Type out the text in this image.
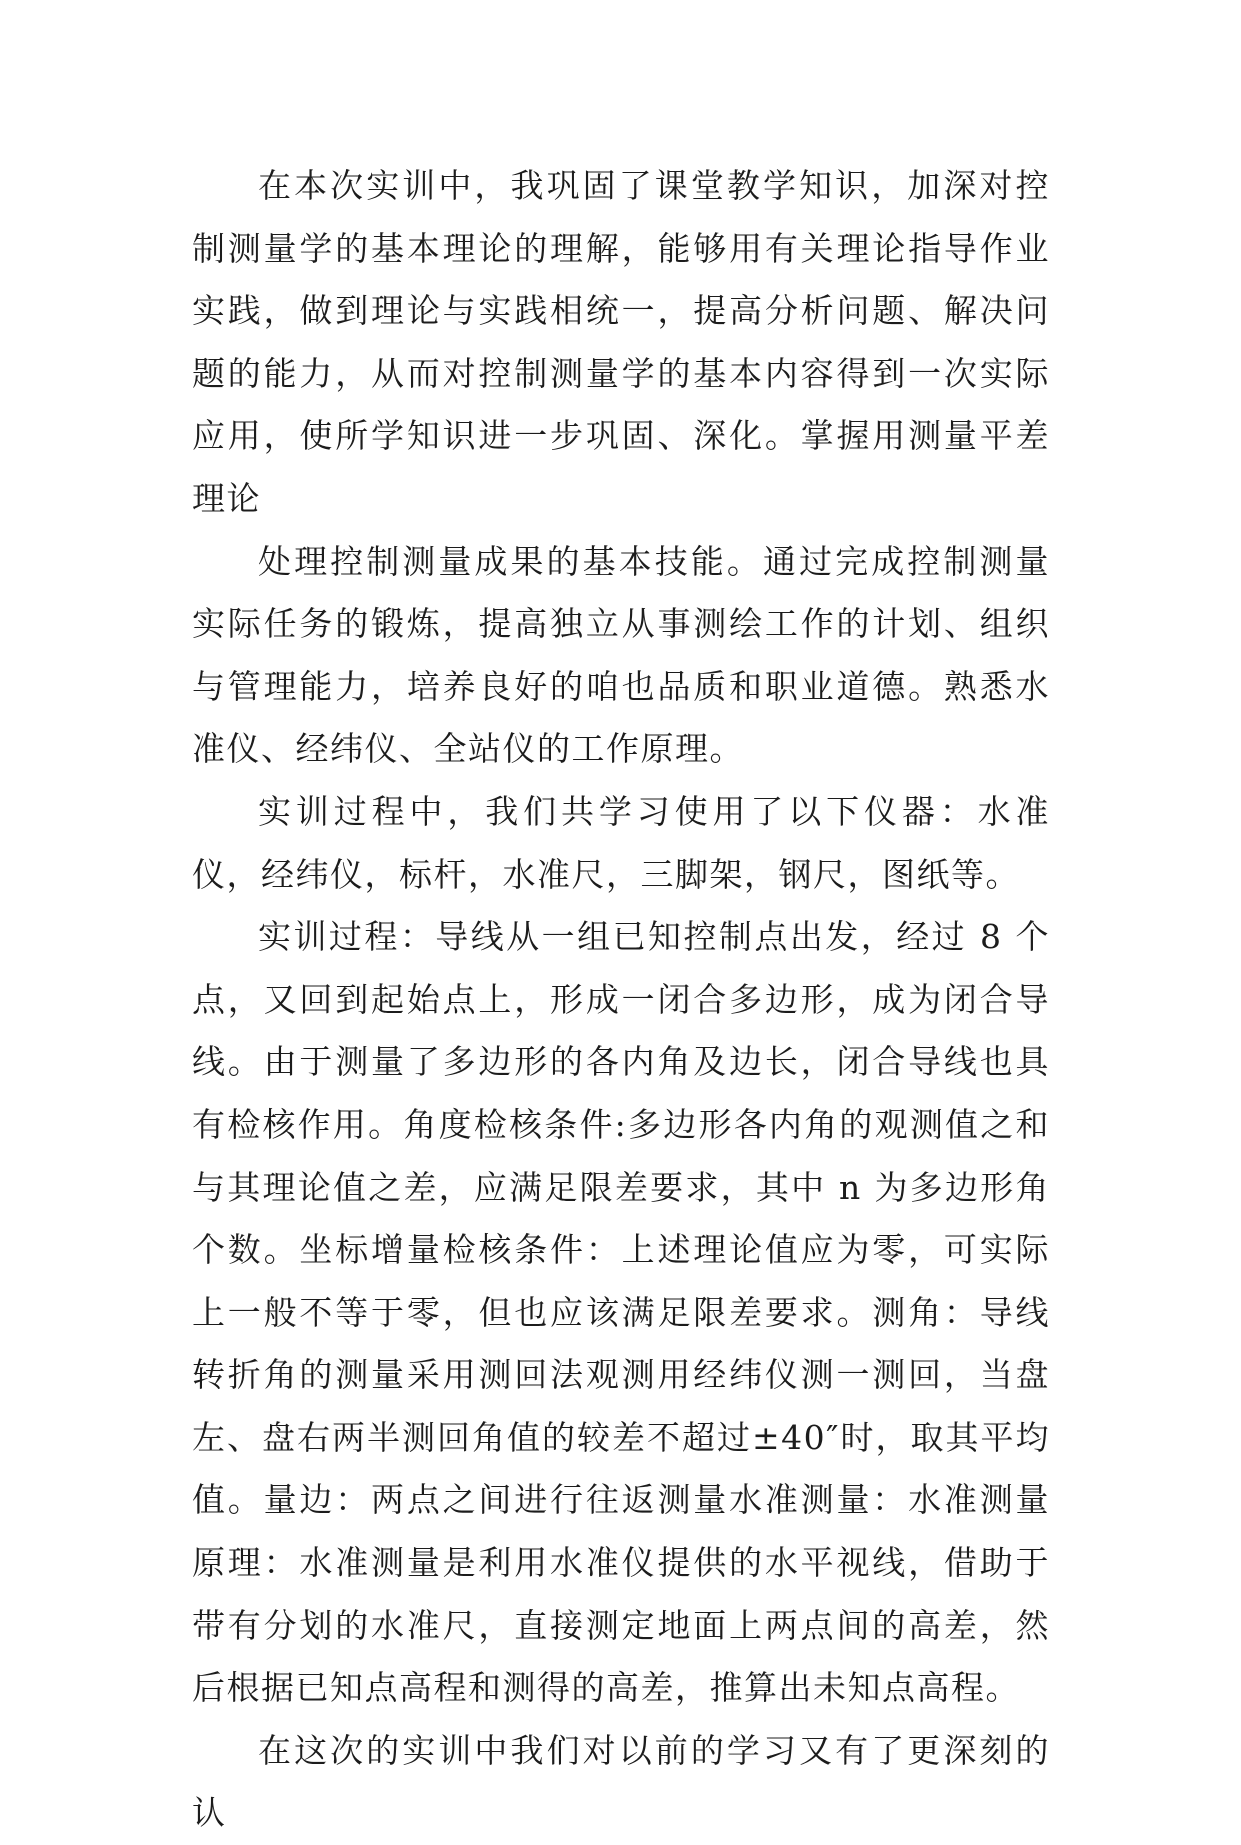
在本次实训中，我巩固了课堂教学知识，加深对控制测量学的基本理论的理解，能够用有关理论指导作业实践，做到理论与实践相统一，提高分析问题、解决问题的能力，从而对控制测量学的基本内容得到一次实际应用，使所学知识进一步巩固、深化。掌握用测量平差理论

处理控制测量成果的基本技能。通过完成控制测量实际任务的锻炼，提高独立从事测绘工作的计划、组织与管理能力，培养良好的咱也品质和职业道德。熟悉水准仪、经纬仪、全站仪的工作原理。

实训过程中，我们共学习使用了以下仪器：水准仪，经纬仪，标杆，水准尺，三脚架，钢尺，图纸等。

实训过程：导线从一组已知控制点出发，经过 8 个点，又回到起始点上，形成一闭合多边形，成为闭合导线。由于测量了多边形的各内角及边长，闭合导线也具有检核作用。角度检核条件:多边形各内角的观测值之和与其理论值之差，应满足限差要求，其中 n 为多边形角个数。坐标增量检核条件：上述理论值应为零，可实际上一般不等于零，但也应该满足限差要求。测角：导线转折角的测量采用测回法观测用经纬仪测一测回，当盘左、盘右两半测回角值的较差不超过±40″时，取其平均值。量边：两点之间进行往返测量水准测量：水准测量原理：水准测量是利用水准仪提供的水平视线，借助于带有分划的水准尺，直接测定地面上两点间的高差，然后根据已知点高程和测得的高差，推算出未知点高程。

在这次的实训中我们对以前的学习又有了更深刻的认
